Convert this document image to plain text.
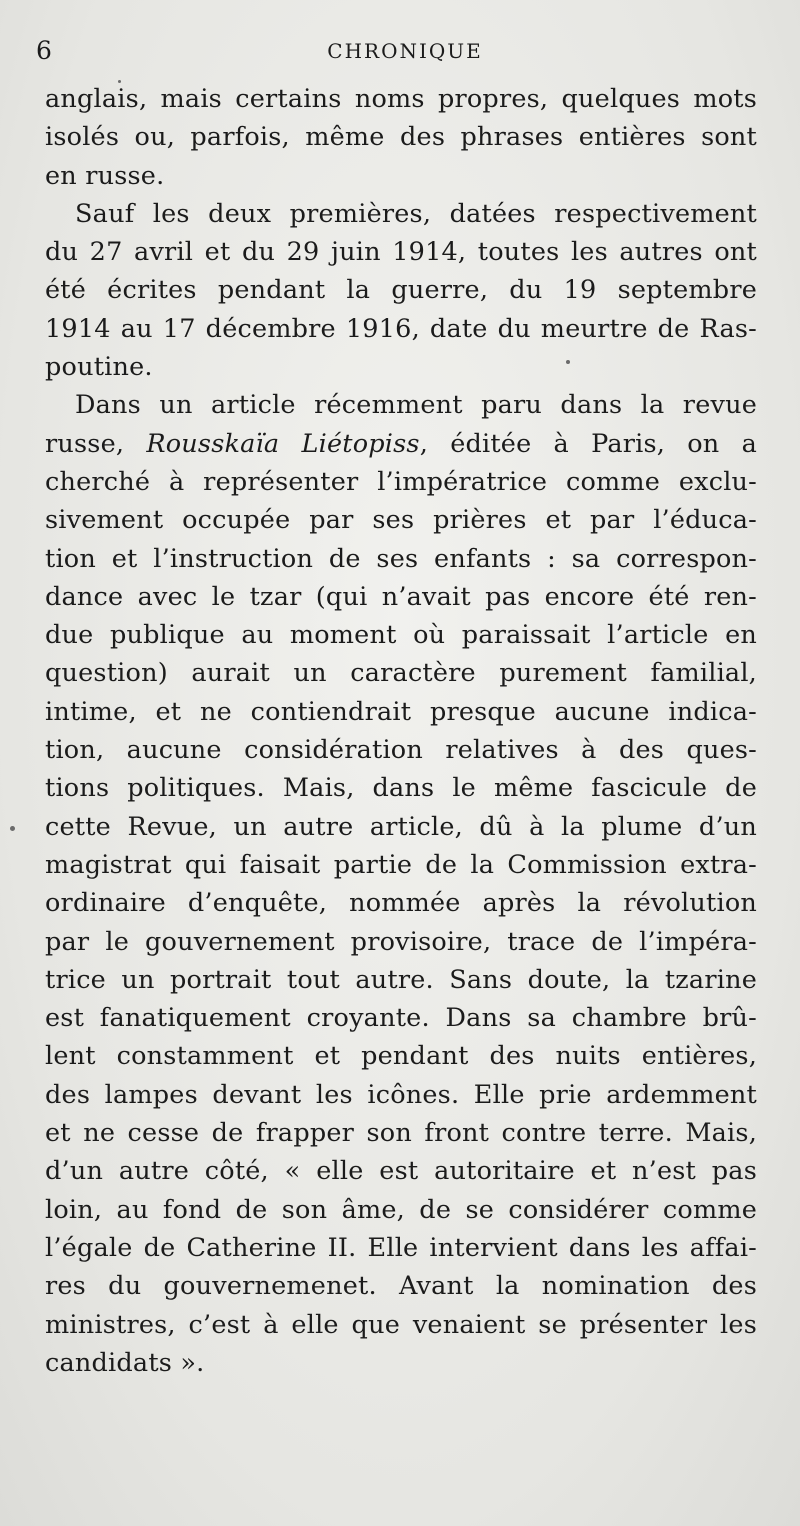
6	CHRONIQUE
anglais, mais certains noms propres, quelques mots
isolés ou, parfois, même des phrases entières sont
en russe.
Sauf les deux premières, datées respectivement
du 27 avril et du 29 juin 1914, toutes les autres ont
été écrites pendant la guerre, du 19 septembre
1914 au 17 décembre 1916, date du meurtre de Ras-
poutine.
Dans un article récemment paru dans la revue
russe, Rousskaïa Liétopiss, éditée à Paris, on a
cherché à représenter l’impératrice comme exclu-
sivement occupée par ses prières et par l’éduca-
tion et l’instruction de ses enfants : sa correspon-
dance avec le tzar (qui n’avait pas encore été ren-
due publique au moment où paraissait l’article en
question) aurait un caractère purement familial,
intime, et ne contiendrait presque aucune indica-
tion, aucune considération relatives à des ques-
tions politiques. Mais, dans le même fascicule de
cette Revue, un autre article, dû à la plume d’un
magistrat qui faisait partie de la Commission extra-
ordinaire d’enquête, nommée après la révolution
par le gouvernement provisoire, trace de l’impéra-
trice un portrait tout autre. Sans doute, la tzarine
est fanatiquement croyante. Dans sa chambre brû-
lent constamment et pendant des nuits entières,
des lampes devant les icônes. Elle prie ardemment
et ne cesse de frapper son front contre terre. Mais,
d’un autre côté, « elle est autoritaire et n’est pas
loin, au fond de son âme, de se considérer comme
l’égale de Catherine II. Elle intervient dans les affai-
res du gouvernemenet. Avant la nomination des
ministres, c’est à elle que venaient se présenter les
candidats ».
